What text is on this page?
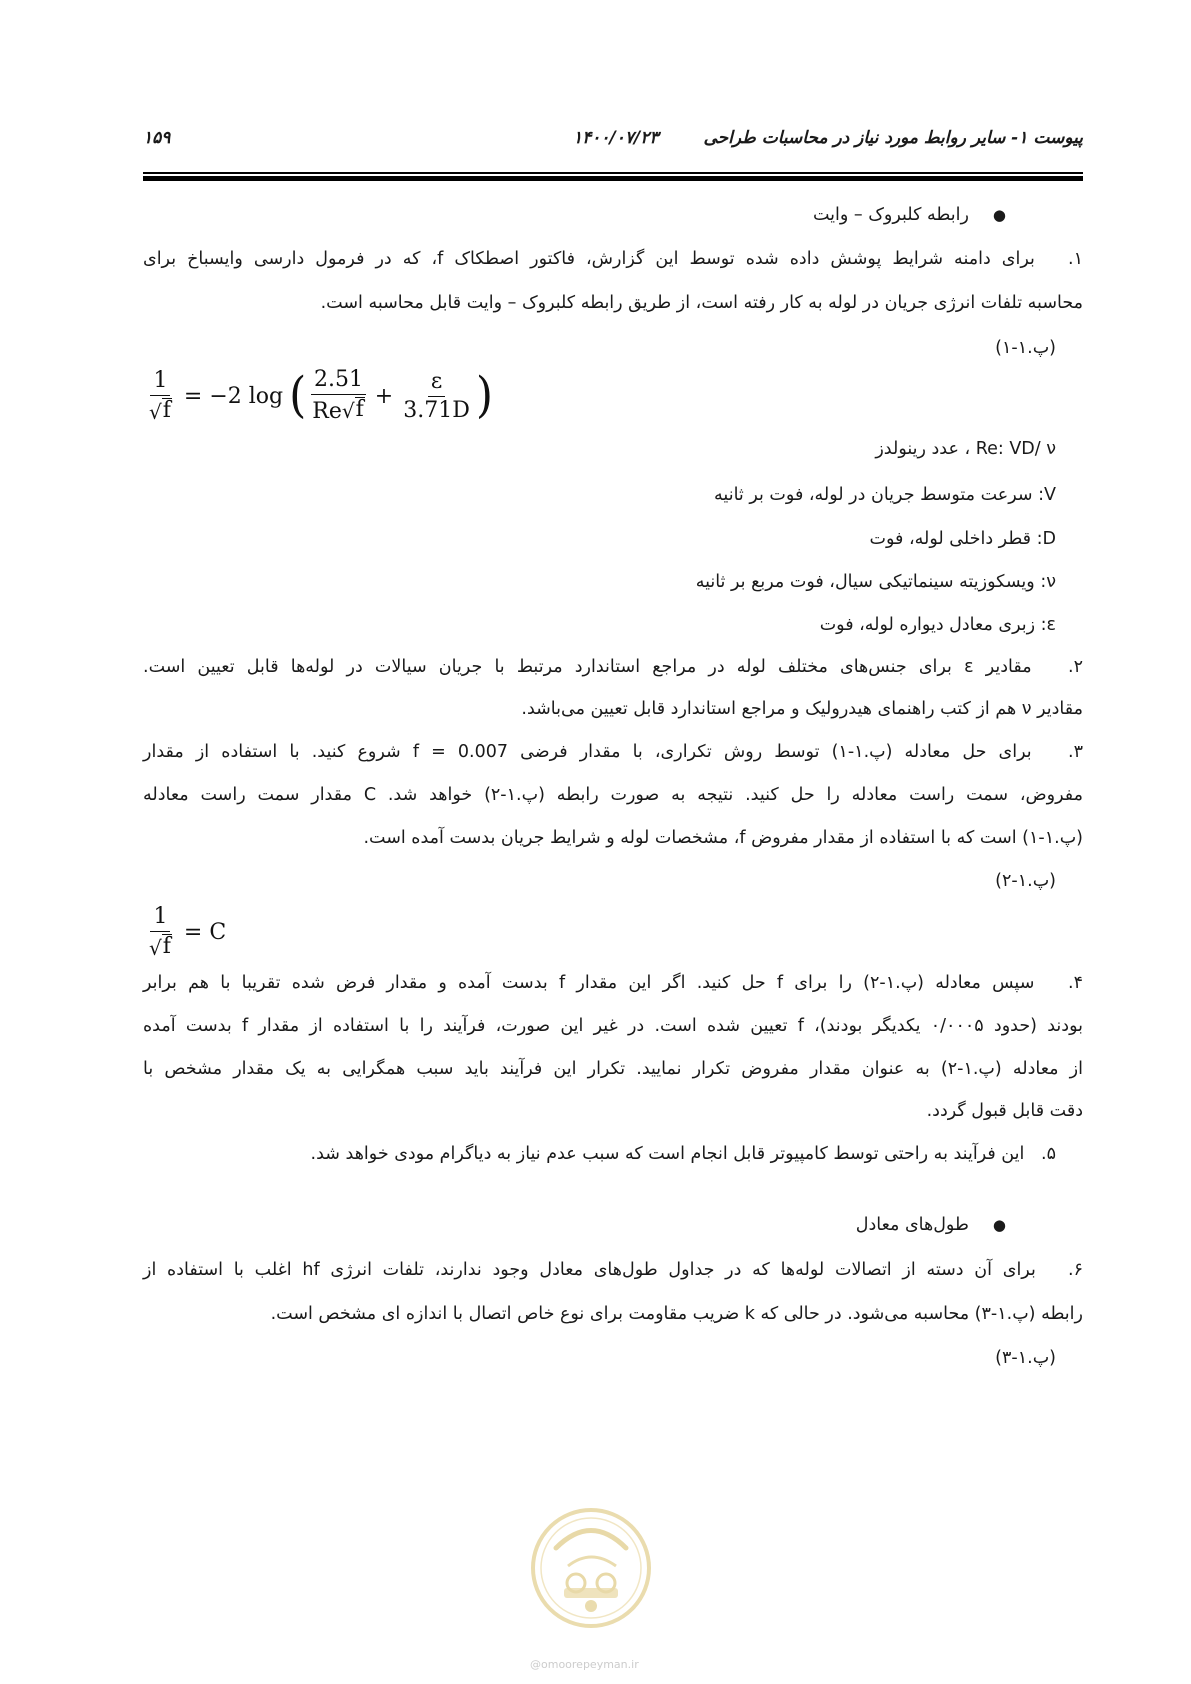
پیوست ۱- سایر روابط مورد نیاز در محاسبات طراحی
۱۴۰۰/۰۷/۲۳
۱۵۹
●رابطه کلبروک – وایت
۱.   برای دامنه شرایط پوشش داده شده توسط این گزارش، فاکتور اصطکاک f، که در فرمول دارسی وایسباخ برای
محاسبه تلفات انرژی جریان در لوله به کار رفته است، از طریق رابطه کلبروک – وایت قابل محاسبه است.
(پ.۱-۱)
$\frac{1}{√ f} = -2$ log ( $\frac{2.51}{Re √ f} + \frac{\varepsilon}{3.71D}$ )
Re: VD/ ν ، عدد رینولدز
V: سرعت متوسط جریان در لوله، فوت بر ثانیه
D: قطر داخلی لوله، فوت
ν: ویسکوزیته سینماتیکی سیال، فوت مربع بر ثانیه
ε: زبری معادل دیواره لوله، فوت
۲.   مقادیر ε برای جنس‌های مختلف لوله در مراجع استاندارد مرتبط با جریان سیالات در لوله‌ها قابل تعیین است.
مقادیر ν هم از کتب راهنمای هیدرولیک و مراجع استاندارد قابل تعیین می‌باشد.
۳.   برای حل معادله (پ.۱-۱) توسط روش تکراری، با مقدار فرضی f = 0.007 شروع کنید. با استفاده از مقدار
مفروض، سمت راست معادله را حل کنید. نتیجه به صورت رابطه (پ.۱-۲) خواهد شد. C مقدار سمت راست معادله
(پ.۱-۱) است که با استفاده از مقدار مفروض f، مشخصات لوله و شرایط جریان بدست آمده است.
(پ.۱-۲)
$\frac{1}{√ f} = C$
۴.   سپس معادله (پ.۱-۲) را برای f حل کنید. اگر این مقدار f بدست آمده و مقدار فرض شده تقریبا با هم برابر
بودند (حدود ۰/۰۰۰۵ یکدیگر بودند)، f تعیین شده است. در غیر این صورت، فرآیند را با استفاده از مقدار f بدست آمده
از معادله (پ.۱-۲) به عنوان مقدار مفروض تکرار نمایید. تکرار این فرآیند باید سبب همگرایی به یک مقدار مشخص با
دقت قابل قبول گردد.
۵.   این فرآیند به راحتی توسط کامپیوتر قابل انجام است که سبب عدم نیاز به دیاگرام مودی خواهد شد.
●طول‌های معادل
۶.   برای آن دسته از اتصالات لوله‌ها که در جداول طول‌های معادل وجود ندارند، تلفات انرژی hf اغلب با استفاده از
رابطه (پ.۱-۳) محاسبه می‌شود. در حالی که k ضریب مقاومت برای نوع خاص اتصال با اندازه ای مشخص است.
(پ.۱-۳)
@omoorepeyman.ir
